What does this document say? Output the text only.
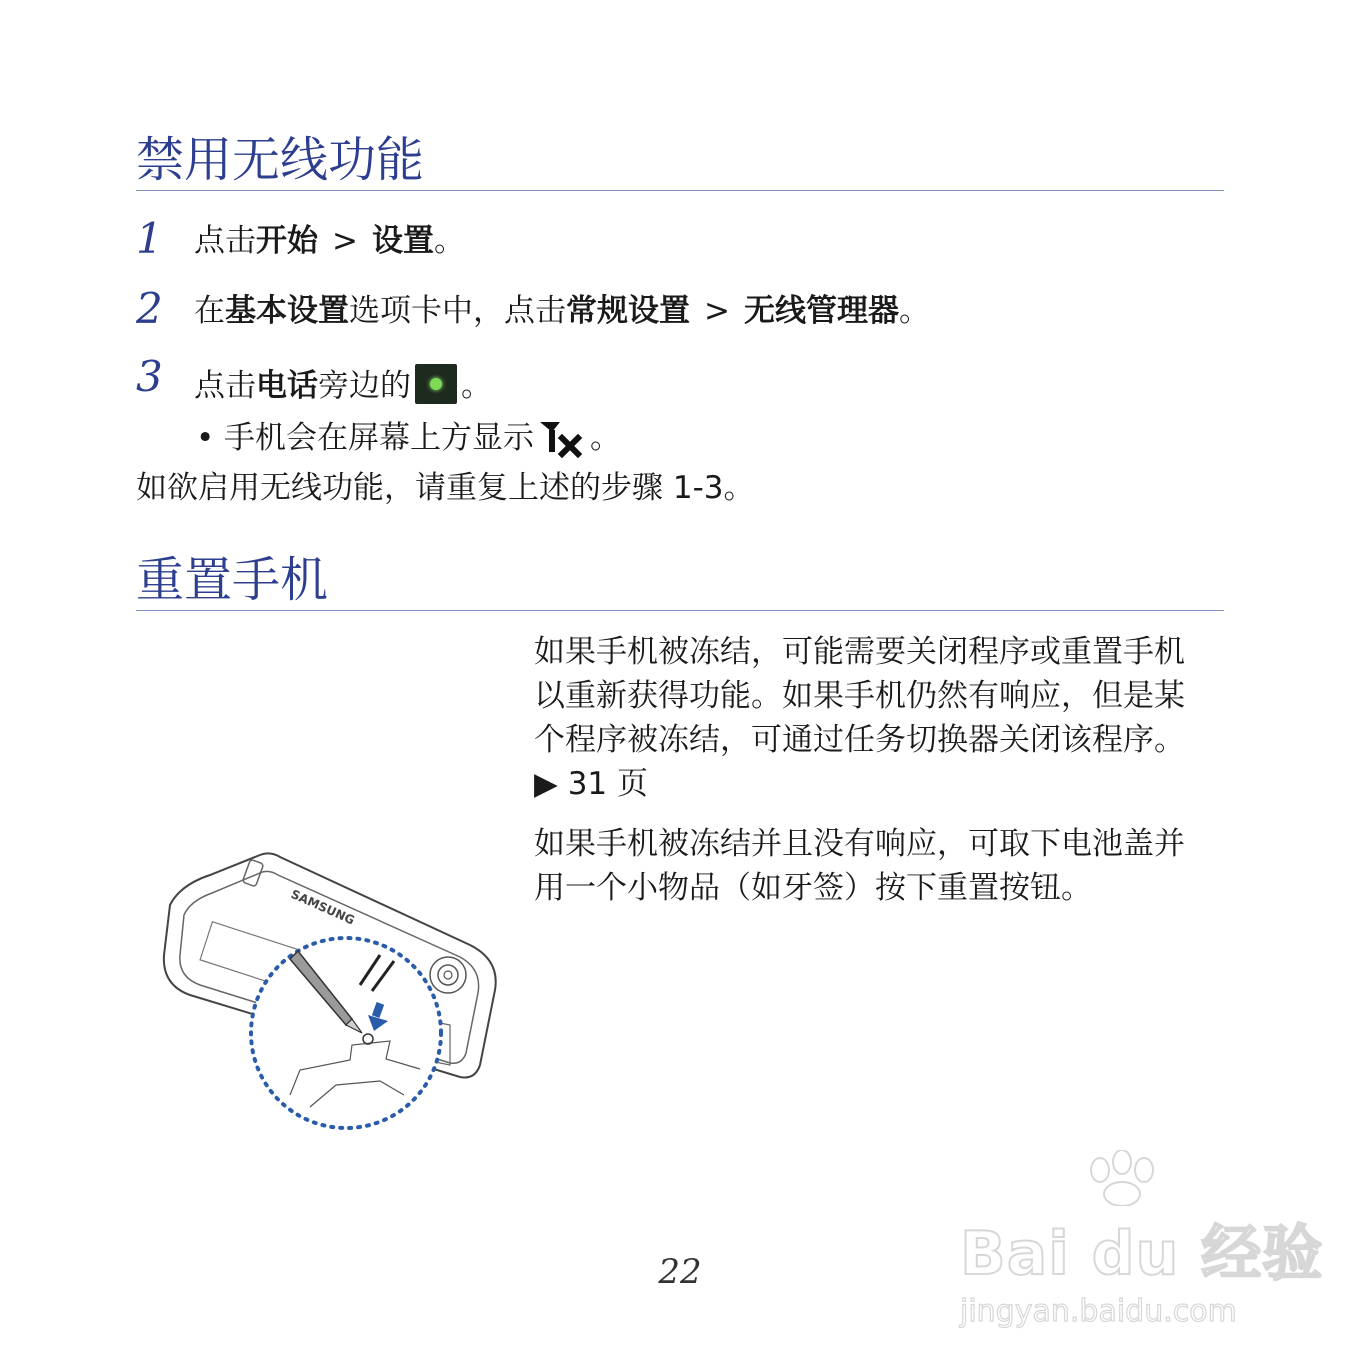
禁用无线功能
1 点击开始 > 设置。
2 在基本设置选项卡中，点击常规设置 > 无线管理器。
3 点击电话旁边的 。
• 手机会在屏幕上方显示 。
如欲启用无线功能，请重复上述的步骤 1-3。
重置手机
如果手机被冻结，可能需要关闭程序或重置手机以重新获得功能。如果手机仍然有响应，但是某个程序被冻结，可通过任务切换器关闭该程序。▶ 31 页
如果手机被冻结并且没有响应，可取下电池盖并用一个小物品（如牙签）按下重置按钮。
SAMSUNG
22	Bai du 经验
jingyan.baidu.com
